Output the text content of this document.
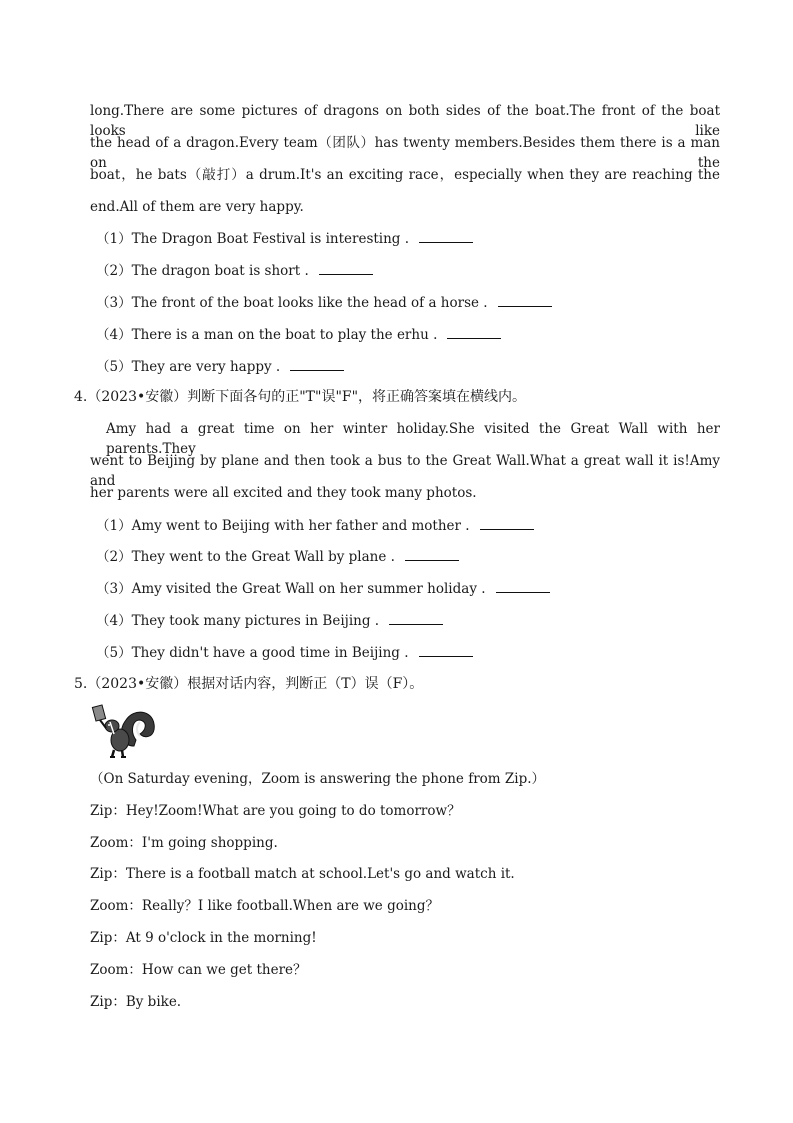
long.There are some pictures of dragons on both sides of the boat.The front of the boat looks like
the head of a dragon.Every team（团队）has twenty members.Besides them there is a man on the
boat，he bats（敲打）a drum.It's an exciting race，especially when they are reaching the
end.All of them are very happy.
（1）The Dragon Boat Festival is interesting .
（2）The dragon boat is short .
（3）The front of the boat looks like the head of a horse .
（4）There is a man on the boat to play the erhu .
（5）They are very happy .
4.（2023•安徽）判断下面各句的正"T"误"F"，将正确答案填在横线内。
Amy had a great time on her winter holiday.She visited the Great Wall with her parents.They
went to Beijing by plane and then took a bus to the Great Wall.What a great wall it is!Amy and
her parents were all excited and they took many photos.
（1）Amy went to Beijing with her father and mother .
（2）They went to the Great Wall by plane .
（3）Amy visited the Great Wall on her summer holiday .
（4）They took many pictures in Beijing .
（5）They didn't have a good time in Beijing .
5.（2023•安徽）根据对话内容，判断正（T）误（F）。
（On Saturday evening，Zoom is answering the phone from Zip.）
Zip：Hey!Zoom!What are you going to do tomorrow？
Zoom：I'm going shopping.
Zip：There is a football match at school.Let's go and watch it.
Zoom：Really？I like football.When are we going？
Zip：At 9 o'clock in the morning!
Zoom：How can we get there？
Zip：By bike.
